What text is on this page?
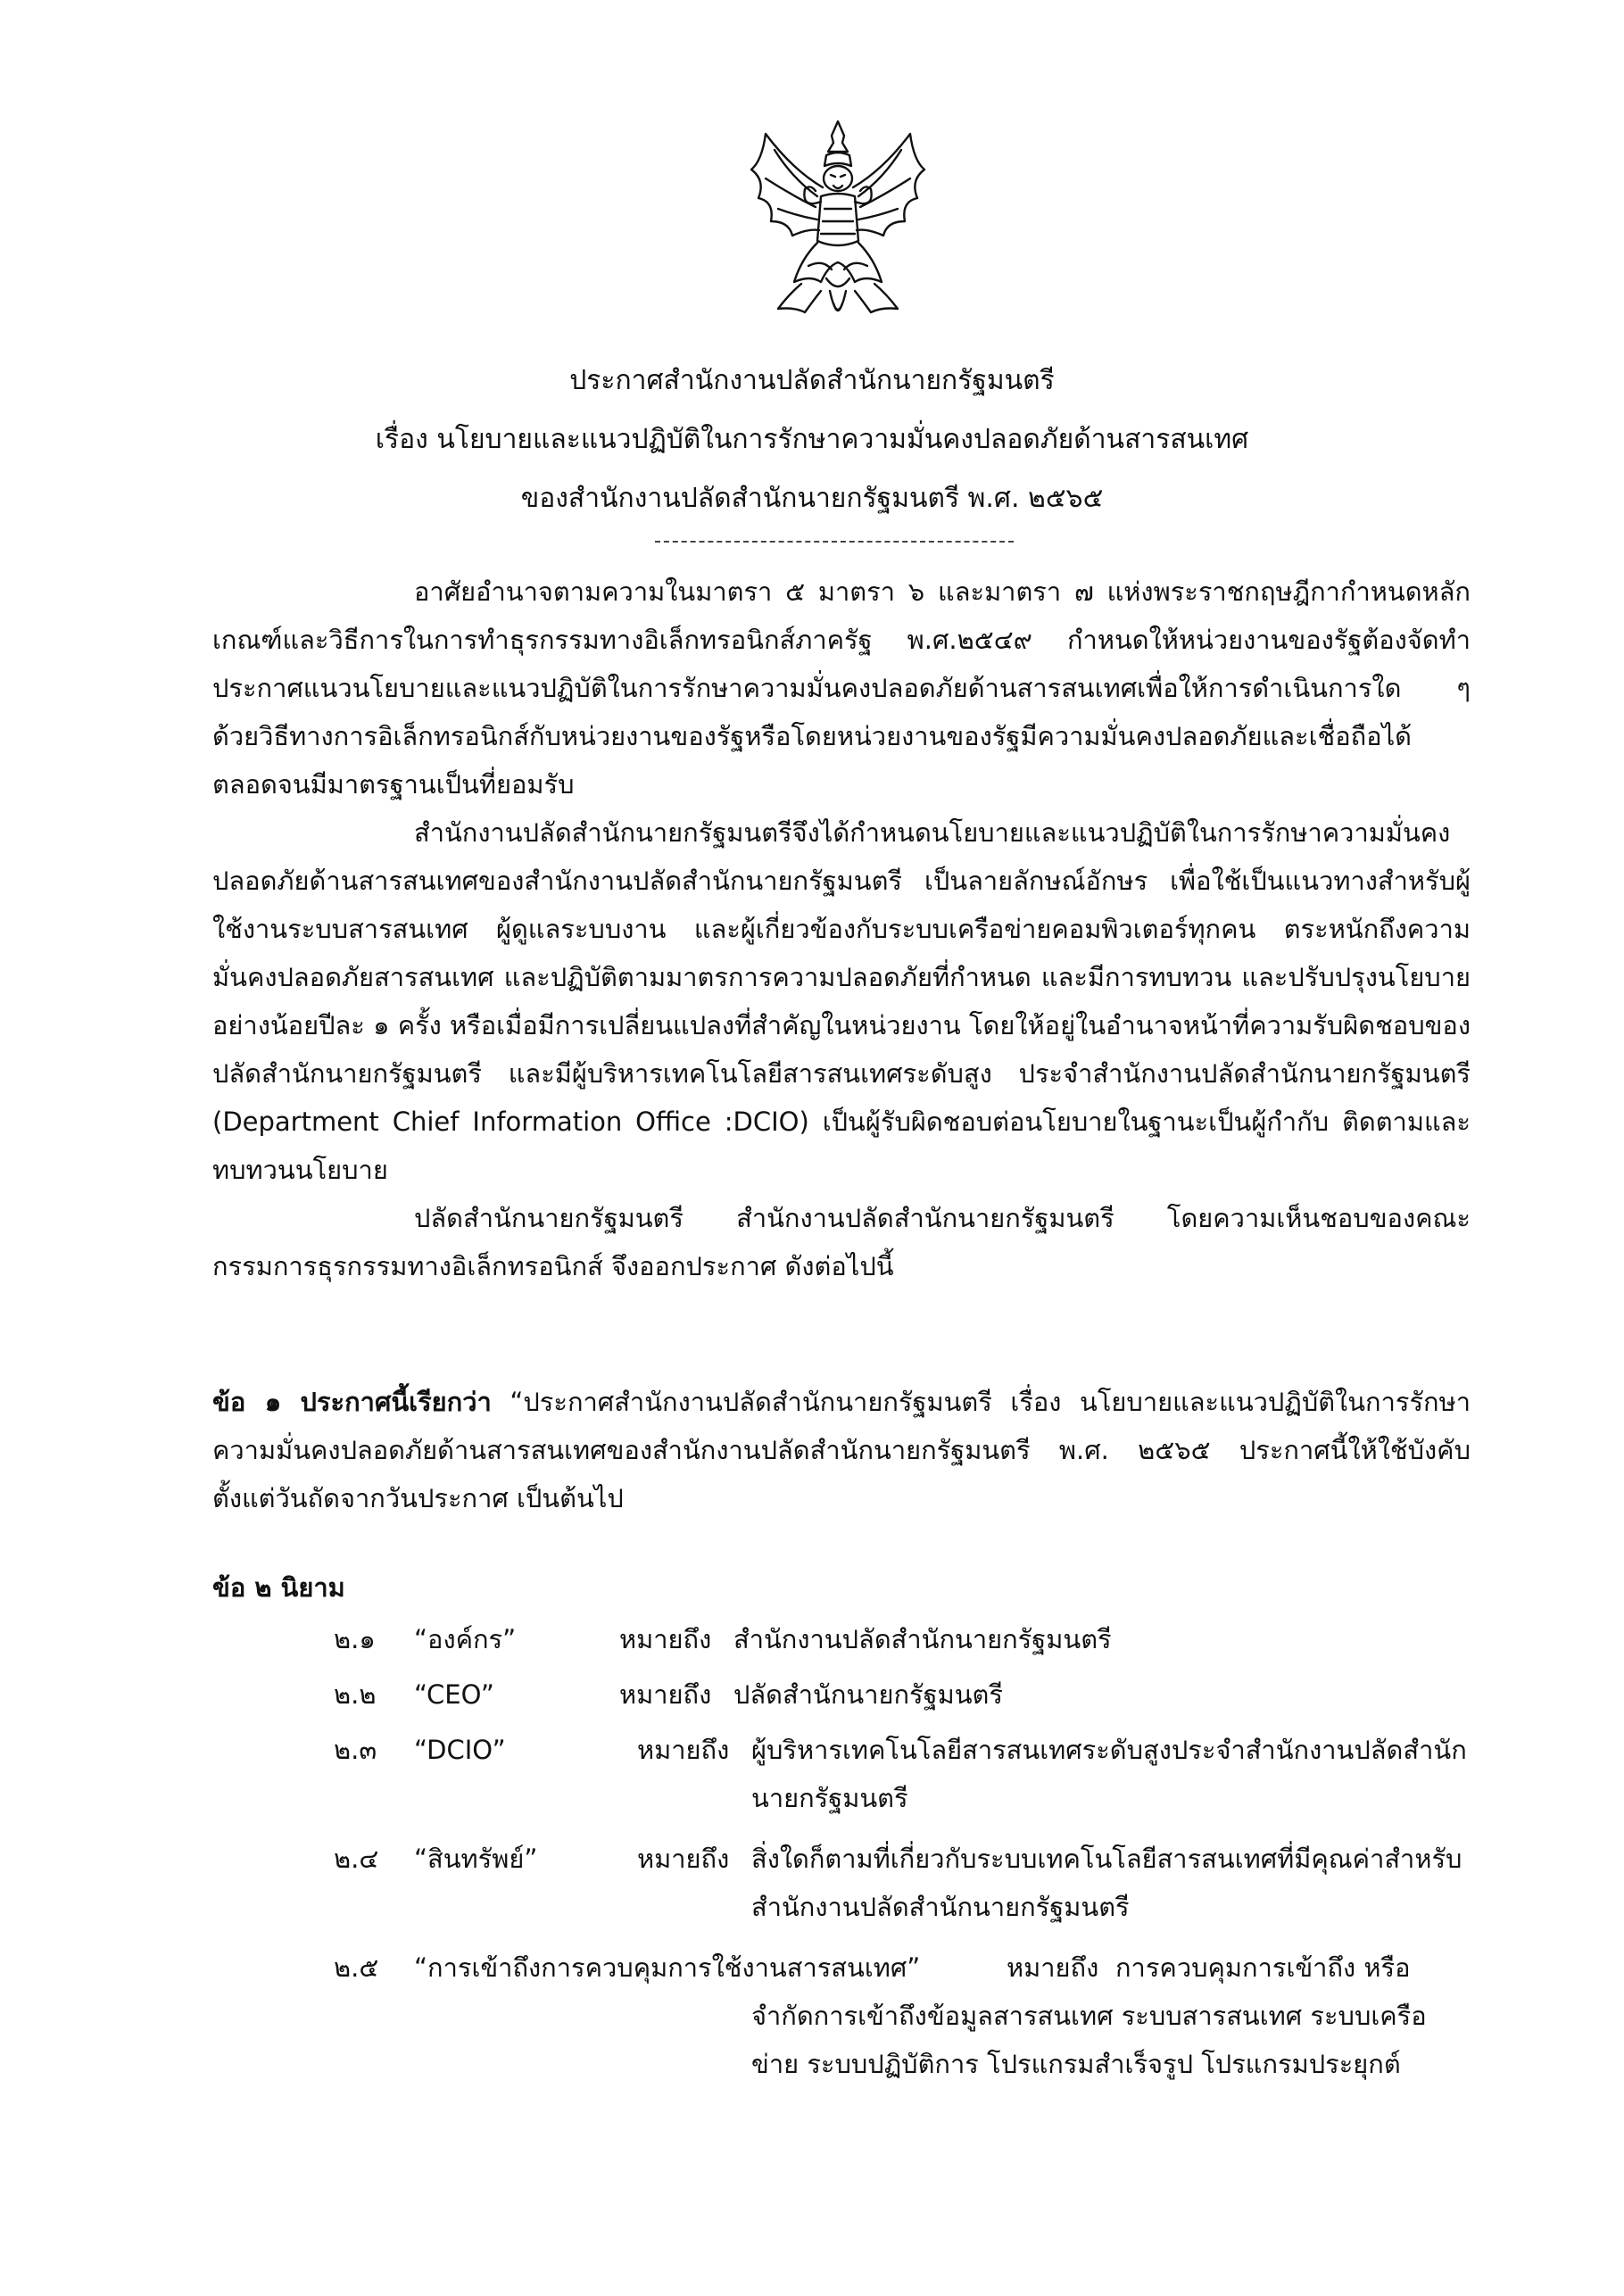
ประกาศสำนักงานปลัดสำนักนายกรัฐมนตรี
เรื่อง นโยบายและแนวปฏิบัติในการรักษาความมั่นคงปลอดภัยด้านสารสนเทศ
ของสำนักงานปลัดสำนักนายกรัฐมนตรี พ.ศ. ๒๕๖๕

อาศัยอำนาจตามความในมาตรา ๕ มาตรา ๖ และมาตรา ๗ แห่งพระราชกฤษฎีกากำหนดหลักเกณฑ์และวิธีการในการทำธุรกรรมทางอิเล็กทรอนิกส์ภาครัฐ พ.ศ.๒๕๔๙ กำหนดให้หน่วยงานของรัฐต้องจัดทำประกาศแนวนโยบายและแนวปฏิบัติในการรักษาความมั่นคงปลอดภัยด้านสารสนเทศเพื่อให้การดำเนินการใด ๆ ด้วยวิธีทางการอิเล็กทรอนิกส์กับหน่วยงานของรัฐหรือโดยหน่วยงานของรัฐมีความมั่นคงปลอดภัยและเชื่อถือได้ ตลอดจนมีมาตรฐานเป็นที่ยอมรับ

สำนักงานปลัดสำนักนายกรัฐมนตรีจึงได้กำหนดนโยบายและแนวปฏิบัติในการรักษาความมั่นคงปลอดภัยด้านสารสนเทศของสำนักงานปลัดสำนักนายกรัฐมนตรี เป็นลายลักษณ์อักษร เพื่อใช้เป็นแนวทางสำหรับผู้ใช้งานระบบสารสนเทศ ผู้ดูแลระบบงาน และผู้เกี่ยวข้องกับระบบเครือข่ายคอมพิวเตอร์ทุกคน ตระหนักถึงความมั่นคงปลอดภัยสารสนเทศ และปฏิบัติตามมาตรการความปลอดภัยที่กำหนด และมีการทบทวน และปรับปรุงนโยบายอย่างน้อยปีละ ๑ ครั้ง หรือเมื่อมีการเปลี่ยนแปลงที่สำคัญในหน่วยงาน โดยให้อยู่ในอำนาจหน้าที่ความรับผิดชอบของปลัดสำนักนายกรัฐมนตรี และมีผู้บริหารเทคโนโลยีสารสนเทศระดับสูง ประจำสำนักงานปลัดสำนักนายกรัฐมนตรี (Department Chief Information Office :DCIO) เป็นผู้รับผิดชอบต่อนโยบายในฐานะเป็นผู้กำกับ ติดตามและทบทวนนโยบาย

ปลัดสำนักนายกรัฐมนตรี สำนักงานปลัดสำนักนายกรัฐมนตรี โดยความเห็นชอบของคณะกรรมการธุรกรรมทางอิเล็กทรอนิกส์ จึงออกประกาศ ดังต่อไปนี้

ข้อ ๑ ประกาศนี้เรียกว่า “ประกาศสำนักงานปลัดสำนักนายกรัฐมนตรี เรื่อง นโยบายและแนวปฏิบัติในการรักษาความมั่นคงปลอดภัยด้านสารสนเทศของสำนักงานปลัดสำนักนายกรัฐมนตรี พ.ศ. ๒๕๖๕ ประกาศนี้ให้ใช้บังคับตั้งแต่วันถัดจากวันประกาศ เป็นต้นไป

ข้อ ๒ นิยาม
๒.๑ “องค์กร”	หมายถึง สำนักงานปลัดสำนักนายกรัฐมนตรี
๒.๒ “CEO”	หมายถึง ปลัดสำนักนายกรัฐมนตรี
๒.๓ “DCIO”	หมายถึง ผู้บริหารเทคโนโลยีสารสนเทศระดับสูงประจำสำนักงานปลัดสำนักนายกรัฐมนตรี
๒.๔ “สินทรัพย์”	หมายถึง สิ่งใดก็ตามที่เกี่ยวกับระบบเทคโนโลยีสารสนเทศที่มีคุณค่าสำหรับสำนักงานปลัดสำนักนายกรัฐมนตรี
๒.๕ “การเข้าถึงการควบคุมการใช้งานสารสนเทศ”	หมายถึง การควบคุมการเข้าถึง หรือจำกัดการเข้าถึงข้อมูลสารสนเทศ ระบบสารสนเทศ ระบบเครือข่าย ระบบปฏิบัติการ โปรแกรมสำเร็จรูป โปรแกรมประยุกต์
